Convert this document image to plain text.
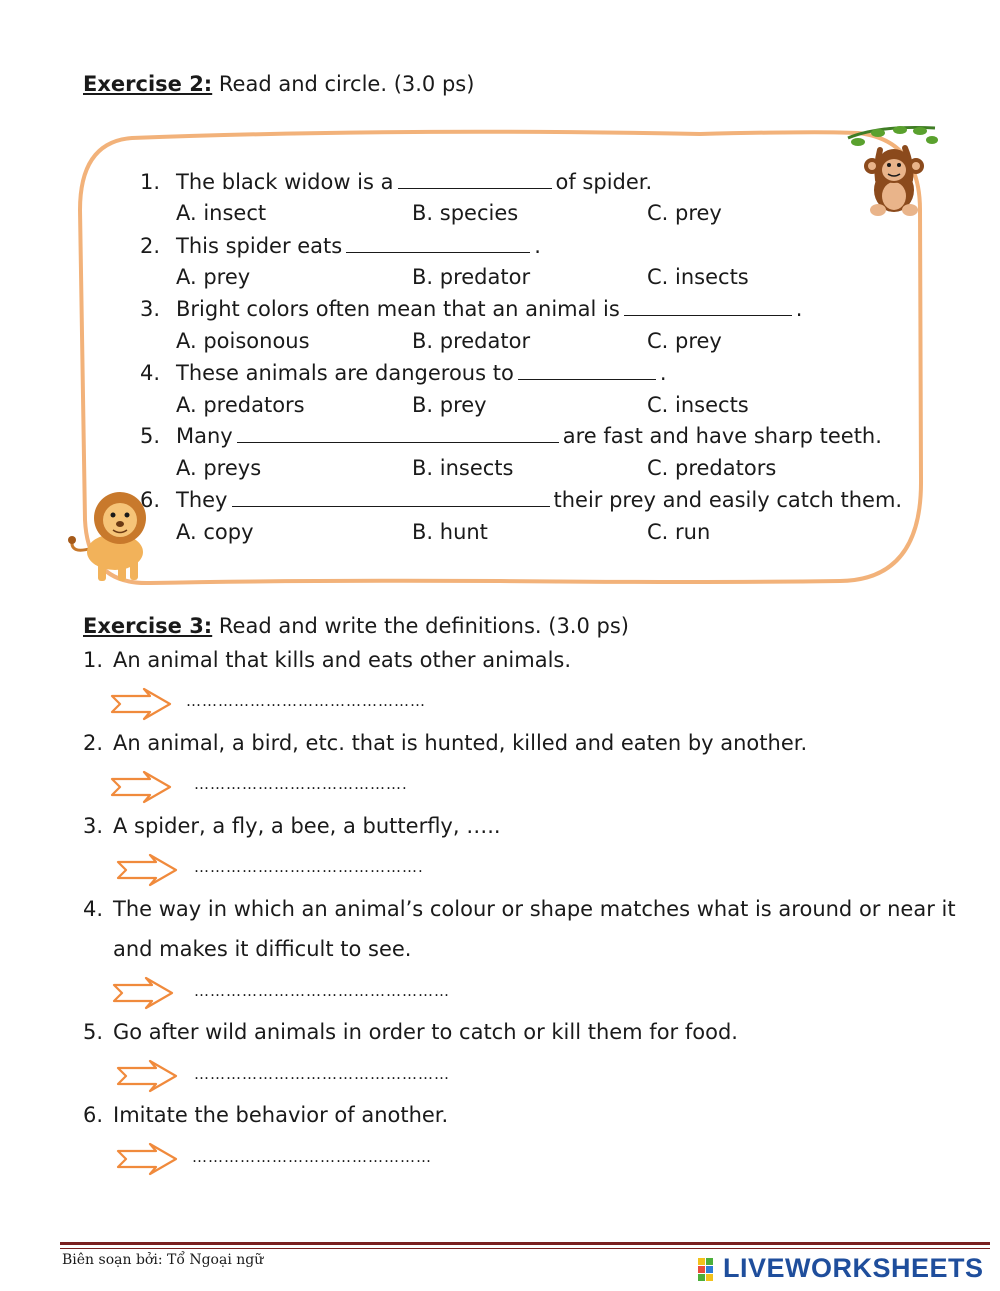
Exercise 2: Read and circle. (3.0 ps)
1. The black widow is a	of spider.
A. insect	B. species	C. prey
2. This spider eats	.
A. prey	B. predator	C. insects
3. Bright colors often mean that an animal is	.
A. poisonous	B. predator	C. prey
4. These animals are dangerous to	.
A. predators	B. prey	C. insects
5. Many	are fast and have sharp teeth.
A. preys	B. insects	C. predators
6. They	their prey and easily catch them.
A. copy	B. hunt	C. run
Exercise 3: Read and write the definitions. (3.0 ps)
1. An animal that kills and eats other animals.
………………………………………
2. An animal, a bird, etc. that is hunted, killed and eaten by another.
………………………………….
3. A spider, a fly, a bee, a butterfly, …..
…………………………………….
4. The way in which an animal’s colour or shape matches what is around or near it
and makes it difficult to see.
…………………………………………
5. Go after wild animals in order to catch or kill them for food.
…………………………………………
6. Imitate the behavior of another.
………………………………………
Biên soạn bởi: Tổ Ngoại ngữ	LIVEWORKSHEETS
